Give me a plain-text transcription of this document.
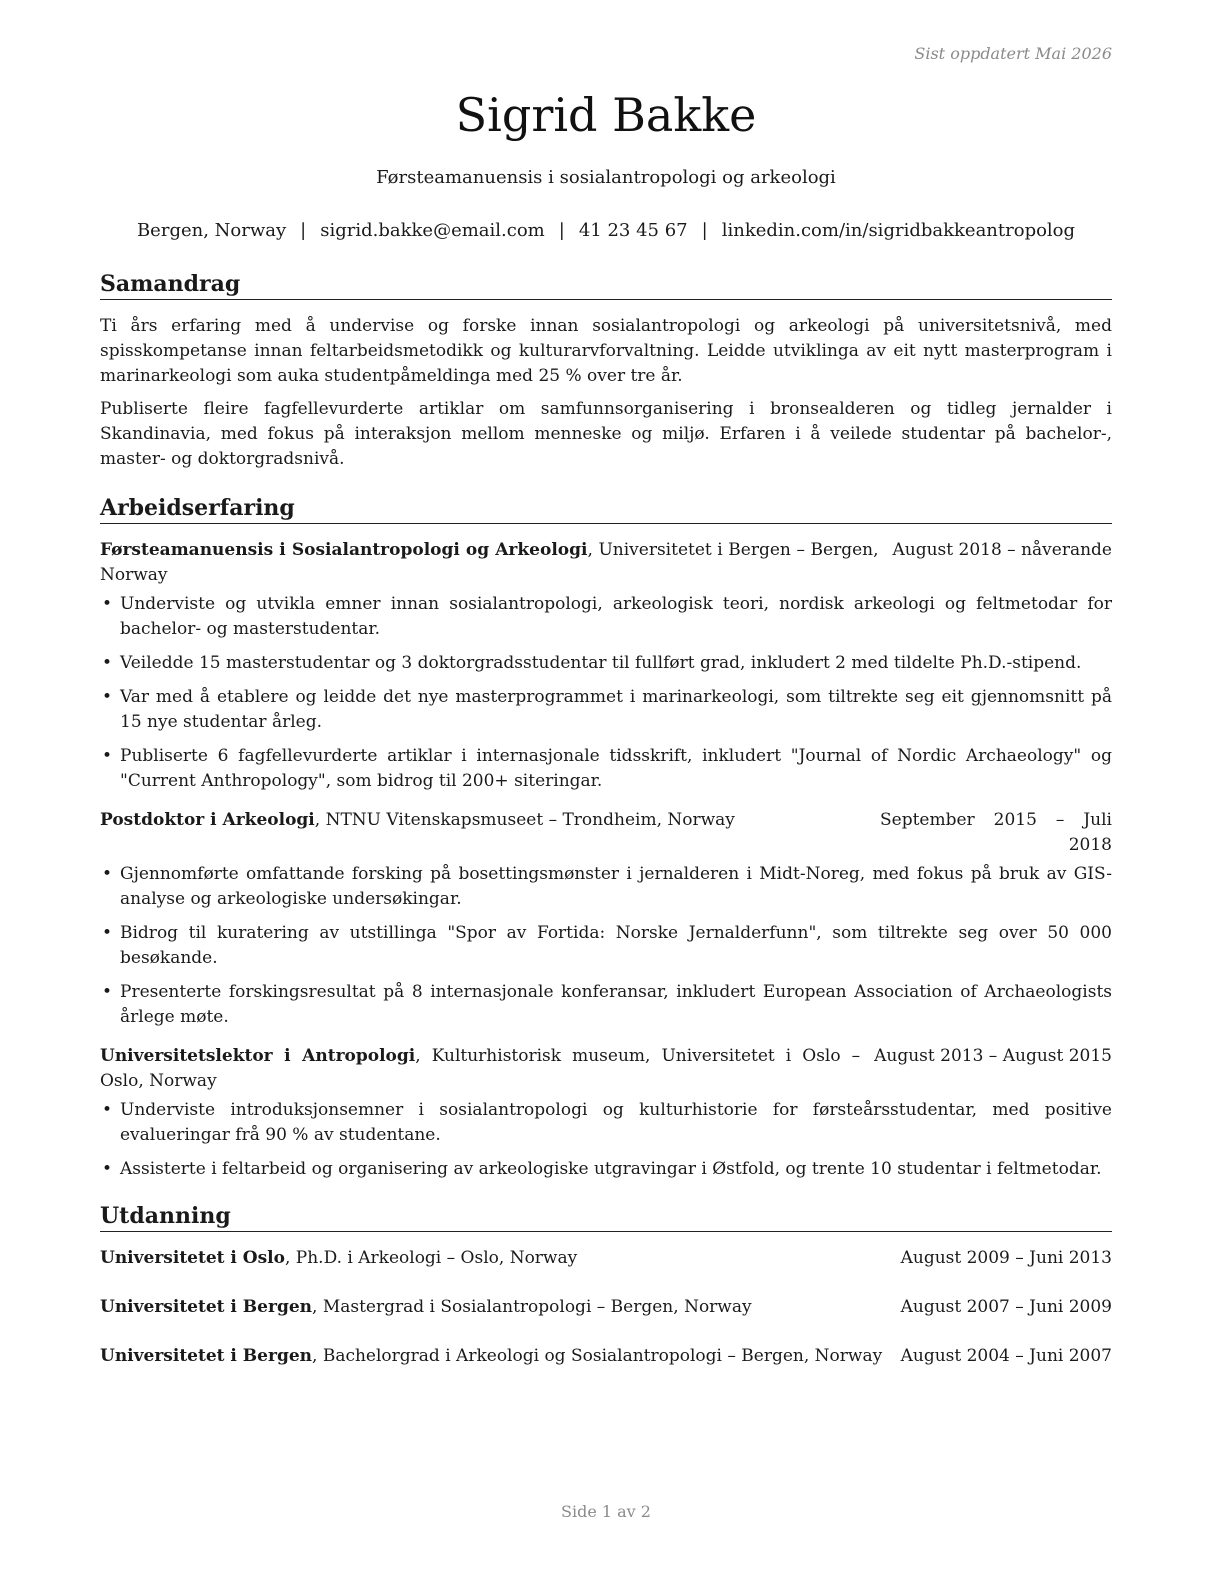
Sist oppdatert Mai 2026
Sigrid Bakke
Førsteamanuensis i sosialantropologi og arkeologi
Bergen, Norway | sigrid.bakke@email.com | 41 23 45 67 | linkedin.com/in/sigridbakkeantropolog
Samandrag

Ti års erfaring med å undervise og forske innan sosialantropologi og arkeologi på universitetsnivå, med spisskompetanse innan feltarbeidsmetodikk og kulturarvforvaltning. Leidde utviklinga av eit nytt masterprogram i marinarkeologi som auka studentpåmeldinga med 25 % over tre år.

Publiserte fleire fagfellevurderte artiklar om samfunnsorganisering i bronsealderen og tidleg jernalder i Skandinavia, med fokus på interaksjon mellom menneske og miljø. Erfaren i å veilede studentar på bachelor-, master- og doktorgradsnivå.

Arbeidserfaring
Førsteamanuensis i Sosialantropologi og Arkeologi, Universitetet i Bergen – Bergen, Norway
August 2018 – nåverande
• Underviste og utvikla emner innan sosialantropologi, arkeologisk teori, nordisk arkeologi og feltmetodar for bachelor- og masterstudentar.
• Veiledde 15 masterstudentar og 3 doktorgradsstudentar til fullført grad, inkludert 2 med tildelte Ph.D.-stipend.
• Var med å etablere og leidde det nye masterprogrammet i marinarkeologi, som tiltrekte seg eit gjennomsnitt på 15 nye studentar årleg.
• Publiserte 6 fagfellevurderte artiklar i internasjonale tidsskrift, inkludert "Journal of Nordic Archaeology" og "Current Anthropology", som bidrog til 200+ siteringar.
Postdoktor i Arkeologi, NTNU Vitenskapsmuseet – Trondheim, Norway	September 2015 – Juli 2018
• Gjennomførte omfattande forsking på bosettingsmønster i jernalderen i Midt-Noreg, med fokus på bruk av GIS-analyse og arkeologiske undersøkingar.
• Bidrog til kuratering av utstillinga "Spor av Fortida: Norske Jernalderfunn", som tiltrekte seg over 50 000 besøkande.
• Presenterte forskingsresultat på 8 internasjonale konferansar, inkludert European Association of Archaeologists årlege møte.
Universitetslektor i Antropologi, Kulturhistorisk museum, Universitetet i Oslo – Oslo, Norway
August 2013 – August 2015
• Underviste introduksjonsemner i sosialantropologi og kulturhistorie for førsteårsstudentar, med positive evalueringar frå 90 % av studentane.
• Assisterte i feltarbeid og organisering av arkeologiske utgravingar i Østfold, og trente 10 studentar i feltmetodar.
Utdanning
Universitetet i Oslo, Ph.D. i Arkeologi – Oslo, Norway	August 2009 – Juni 2013
Universitetet i Bergen, Mastergrad i Sosialantropologi – Bergen, Norway	August 2007 – Juni 2009
Universitetet i Bergen, Bachelorgrad i Arkeologi og Sosialantropologi – Bergen, Norway August 2004 – Juni 2007
Side 1 av 2
